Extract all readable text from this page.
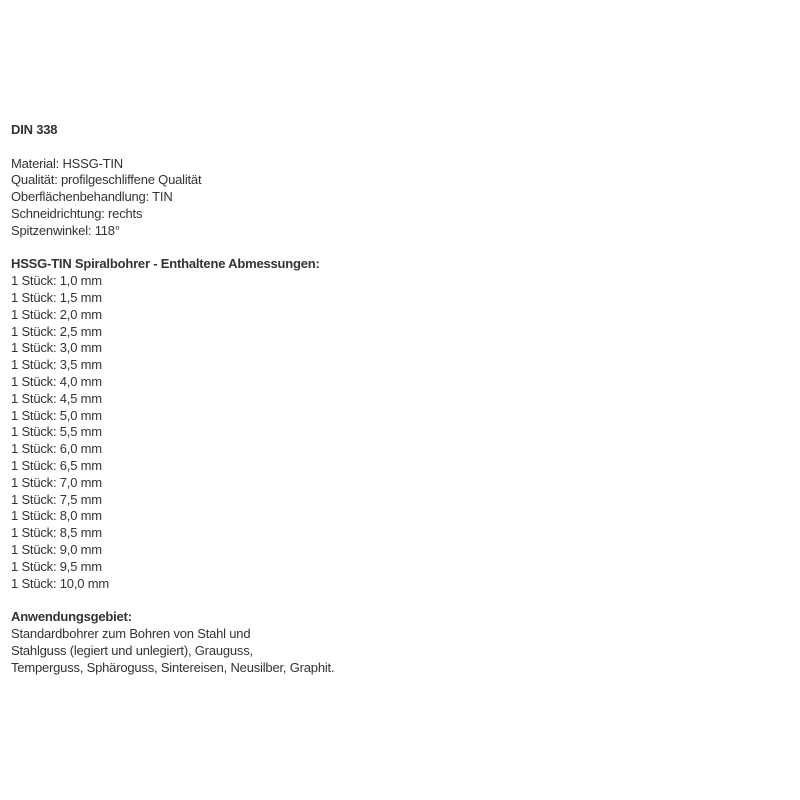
DIN 338
Material: HSSG-TIN
Qualität: profilgeschliffene Qualität
Oberflächenbehandlung: TIN
Schneidrichtung: rechts
Spitzenwinkel: 118°
HSSG-TIN Spiralbohrer - Enthaltene Abmessungen:
1 Stück: 1,0 mm
1 Stück: 1,5 mm
1 Stück: 2,0 mm
1 Stück: 2,5 mm
1 Stück: 3,0 mm
1 Stück: 3,5 mm
1 Stück: 4,0 mm
1 Stück: 4,5 mm
1 Stück: 5,0 mm
1 Stück: 5,5 mm
1 Stück: 6,0 mm
1 Stück: 6,5 mm
1 Stück: 7,0 mm
1 Stück: 7,5 mm
1 Stück: 8,0 mm
1 Stück: 8,5 mm
1 Stück: 9,0 mm
1 Stück: 9,5 mm
1 Stück: 10,0 mm
Anwendungsgebiet:
Standardbohrer zum Bohren von Stahl und
Stahlguss (legiert und unlegiert), Grauguss,
Temperguss, Sphäroguss, Sintereisen, Neusilber, Graphit.
